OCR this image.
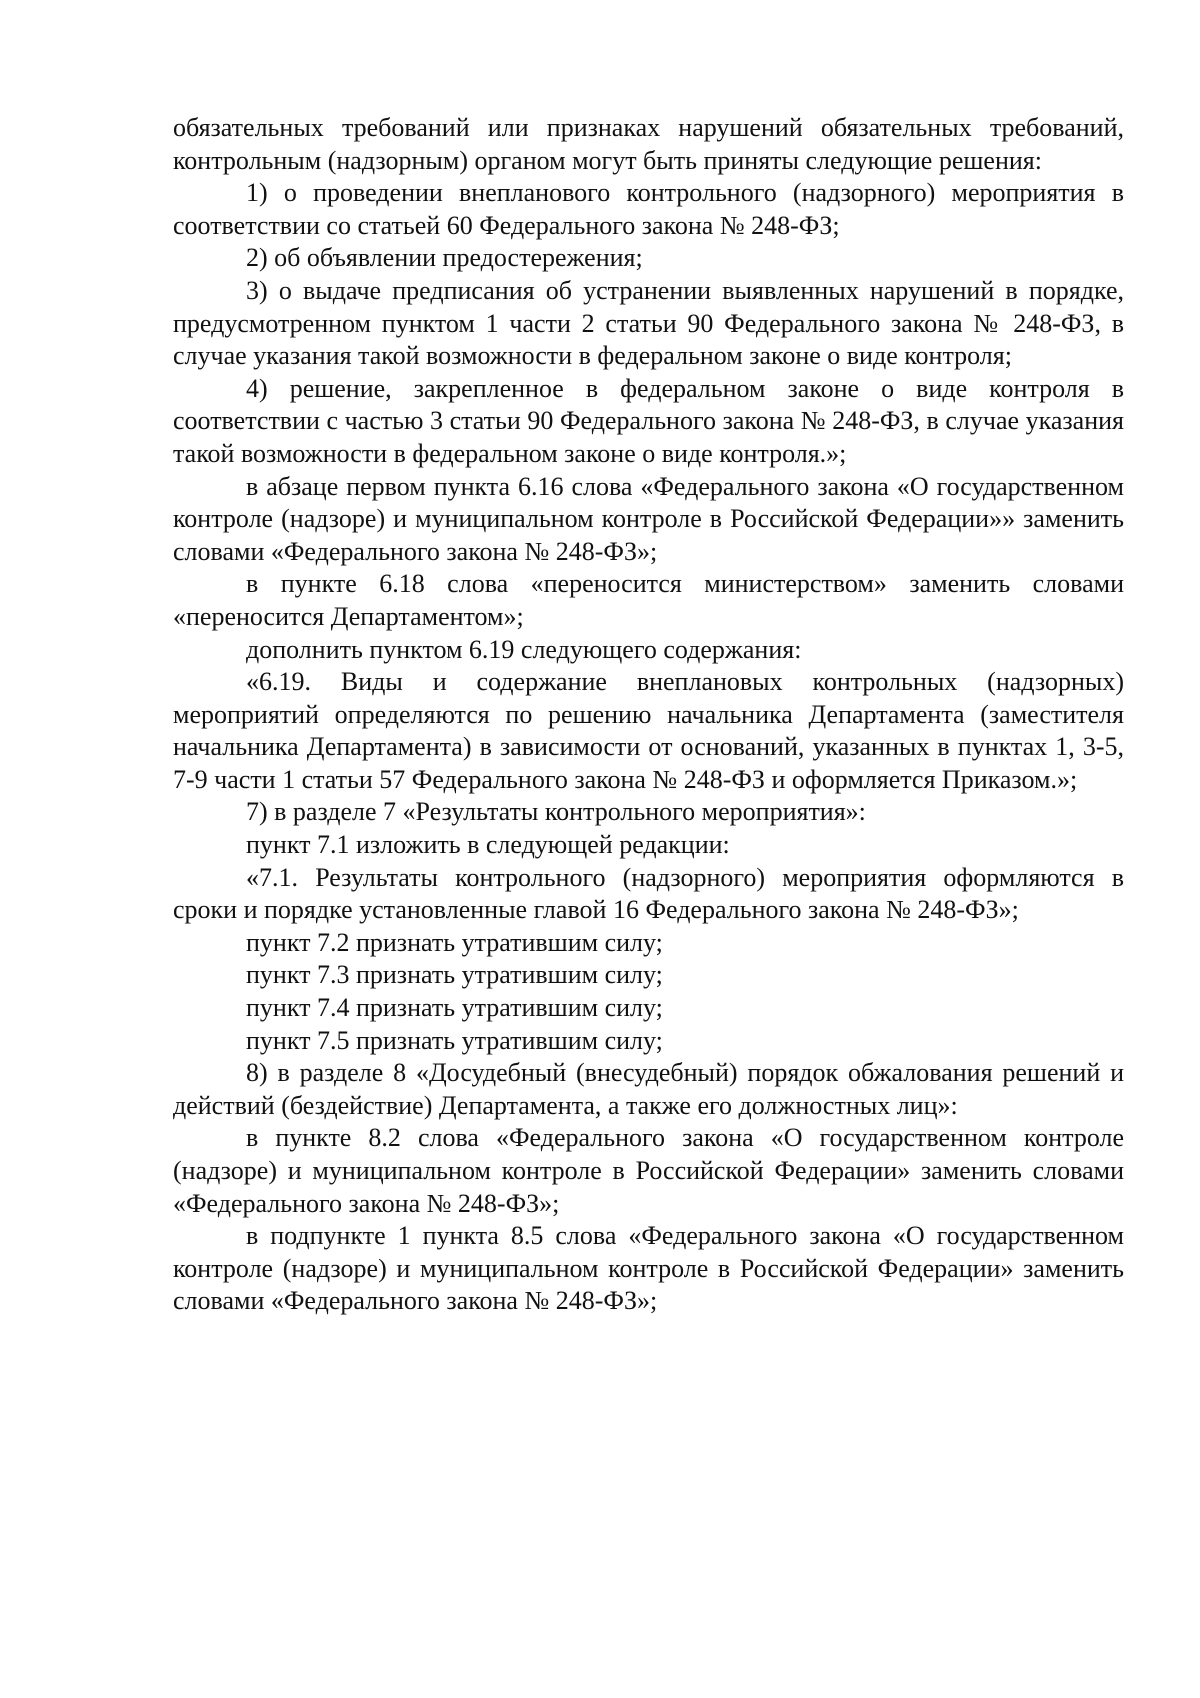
обязательных требований или признаках нарушений обязательных требований, контрольным (надзорным) органом могут быть приняты следующие решения:

1) о проведении внепланового контрольного (надзорного) мероприятия в соответствии со статьей 60 Федерального закона № 248-ФЗ;

2) об объявлении предостережения;

3) о выдаче предписания об устранении выявленных нарушений в порядке, предусмотренном пунктом 1 части 2 статьи 90 Федерального закона № 248-ФЗ, в случае указания такой возможности в федеральном законе о виде контроля;

4) решение, закрепленное в федеральном законе о виде контроля в соответствии с частью 3 статьи 90 Федерального закона № 248-ФЗ, в случае указания такой возможности в федеральном законе о виде контроля.»;

в абзаце первом пункта 6.16 слова «Федерального закона «О государственном контроле (надзоре) и муниципальном контроле в Российской Федерации»» заменить словами «Федерального закона № 248-ФЗ»;

в пункте 6.18 слова «переносится министерством» заменить словами «переносится Департаментом»;

дополнить пунктом 6.19 следующего содержания:

«6.19. Виды и содержание внеплановых контрольных (надзорных) мероприятий определяются по решению начальника Департамента (заместителя начальника Департамента) в зависимости от оснований, указанных в пунктах 1, 3-5, 7-9 части 1 статьи 57 Федерального закона № 248-ФЗ и оформляется Приказом.»;

7) в разделе 7 «Результаты контрольного мероприятия»:

пункт 7.1 изложить в следующей редакции:

«7.1. Результаты контрольного (надзорного) мероприятия оформляются в сроки и порядке установленные главой 16 Федерального закона № 248-ФЗ»;

пункт 7.2 признать утратившим силу;

пункт 7.3 признать утратившим силу;

пункт 7.4 признать утратившим силу;

пункт 7.5 признать утратившим силу;

8) в разделе 8 «Досудебный (внесудебный) порядок обжалования решений и действий (бездействие) Департамента, а также его должностных лиц»:

в пункте 8.2 слова «Федерального закона «О государственном контроле (надзоре) и муниципальном контроле в Российской Федерации» заменить словами «Федерального закона № 248-ФЗ»;

в подпункте 1 пункта 8.5 слова «Федерального закона «О государственном контроле (надзоре) и муниципальном контроле в Российской Федерации» заменить словами «Федерального закона № 248-ФЗ»;
